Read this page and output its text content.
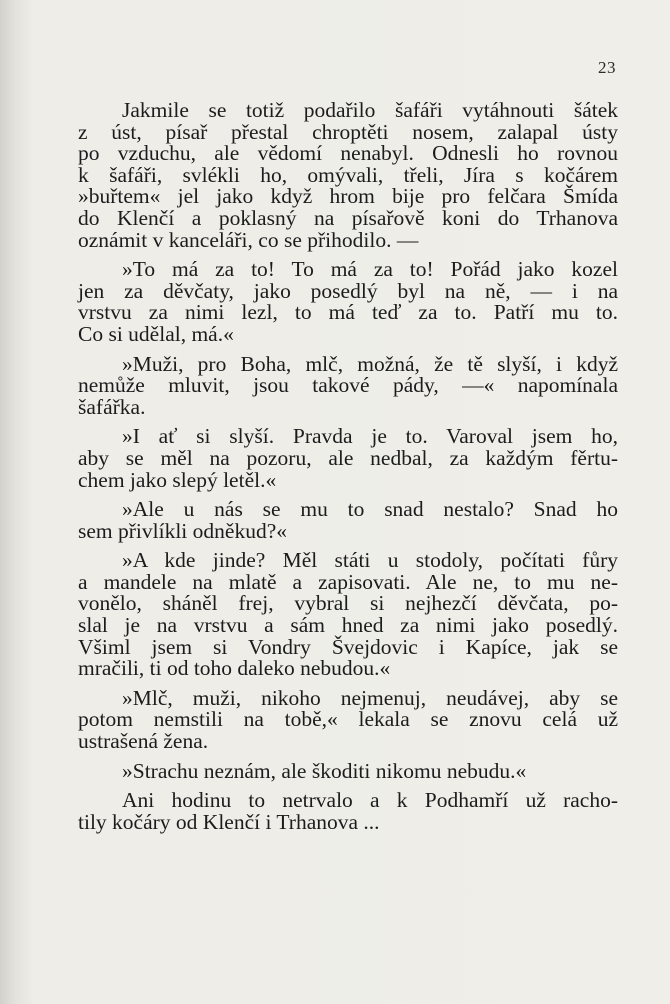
23
Jakmile se totiž podařilo šafáři vytáhnouti šátek
z úst, písař přestal chroptěti nosem, zalapal ústy
po vzduchu, ale vědomí nenabyl. Odnesli ho rovnou
k šafáři, svlékli ho, omývali, třeli, Jíra s kočárem
»buřtem« jel jako když hrom bije pro felčara Šmída
do Klenčí a poklasný na písařově koni do Trhanova
oznámit v kanceláři, co se přihodilo. —
»To má za to! To má za to! Pořád jako kozel
jen za děvčaty, jako posedlý byl na ně, — i na
vrstvu za nimi lezl, to má teď za to. Patří mu to.
Co si udělal, má.«
»Muži, pro Boha, mlč, možná, že tě slyší, i když
nemůže mluvit, jsou takové pády, —« napomínala
šafářka.
»I ať si slyší. Pravda je to. Varoval jsem ho,
aby se měl na pozoru, ale nedbal, za každým fěrtu-
chem jako slepý letěl.«
»Ale u nás se mu to snad nestalo? Snad ho
sem přivlíkli odněkud?«
»A kde jinde? Měl státi u stodoly, počítati fůry
a mandele na mlatě a zapisovati. Ale ne, to mu ne-
vonělo, sháněl frej, vybral si nejhezčí děvčata, po-
slal je na vrstvu a sám hned za nimi jako posedlý.
Všiml jsem si Vondry Švejdovic i Kapíce, jak se
mračili, ti od toho daleko nebudou.«
»Mlč, muži, nikoho nejmenuj, neudávej, aby se
potom nemstili na tobě,« lekala se znovu celá už
ustrašená žena.
»Strachu neznám, ale škoditi nikomu nebudu.«
Ani hodinu to netrvalo a k Podhamří už racho-
tily kočáry od Klenčí i Trhanova ...
